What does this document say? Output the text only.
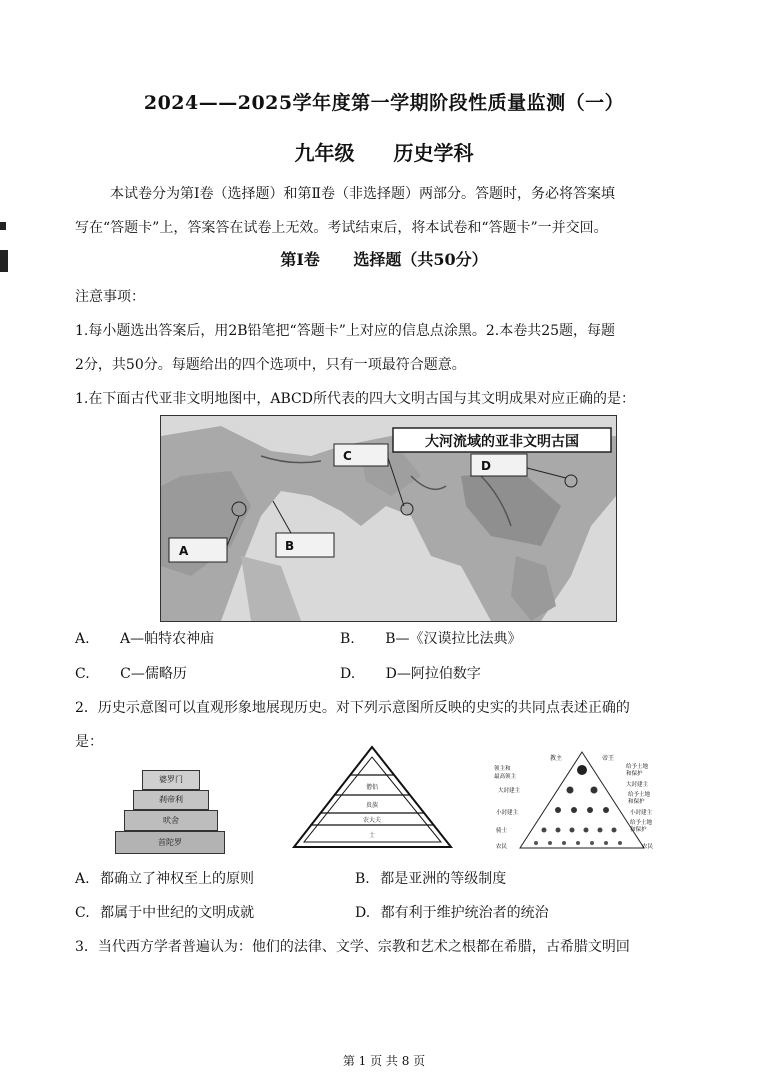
2024——2025学年度第一学期阶段性质量监测（一）
九年级 历史学科
本试卷分为第Ⅰ卷（选择题）和第Ⅱ卷（非选择题）两部分。答题时，务必将答案填
写在“答题卡”上，答案答在试卷上无效。考试结束后，将本试卷和“答题卡”一并交回。
第Ⅰ卷 选择题（共50分）
注意事项：
1.每小题选出答案后，用2B铅笔把“答题卡”上对应的信息点涂黑。2.本卷共25题，每题
2分，共50分。每题给出的四个选项中，只有一项最符合题意。
1.在下面古代亚非文明地图中，ABCD所代表的四大文明古国与其文明成果对应正确的是：
大河流域的亚非文明古国
A	B
C
D
A. A—帕特农神庙	B. B—《汉谟拉比法典》
C. C—儒略历	D. D—阿拉伯数字
2．历史示意图可以直观形象地展现历史。对下列示意图所反映的史实的共同点表述正确的
是：
婆罗门
刹帝利
吠舍
首陀罗
僧侣
贵族
农大夫
士
教主	帝王
领主和
最高领主
大封建主
小封建主
骑士
农民
给予土地
和保护
大封建主
给予土地
和保护
小封建主
给予土地
和保护
农民
A. 都确立了神权至上的原则	B. 都是亚洲的等级制度
C. 都属于中世纪的文明成就	D. 都有利于维护统治者的统治
3．当代西方学者普遍认为：他们的法律、文学、宗教和艺术之根都在希腊，古希腊文明回
第 1 页 共 8 页
